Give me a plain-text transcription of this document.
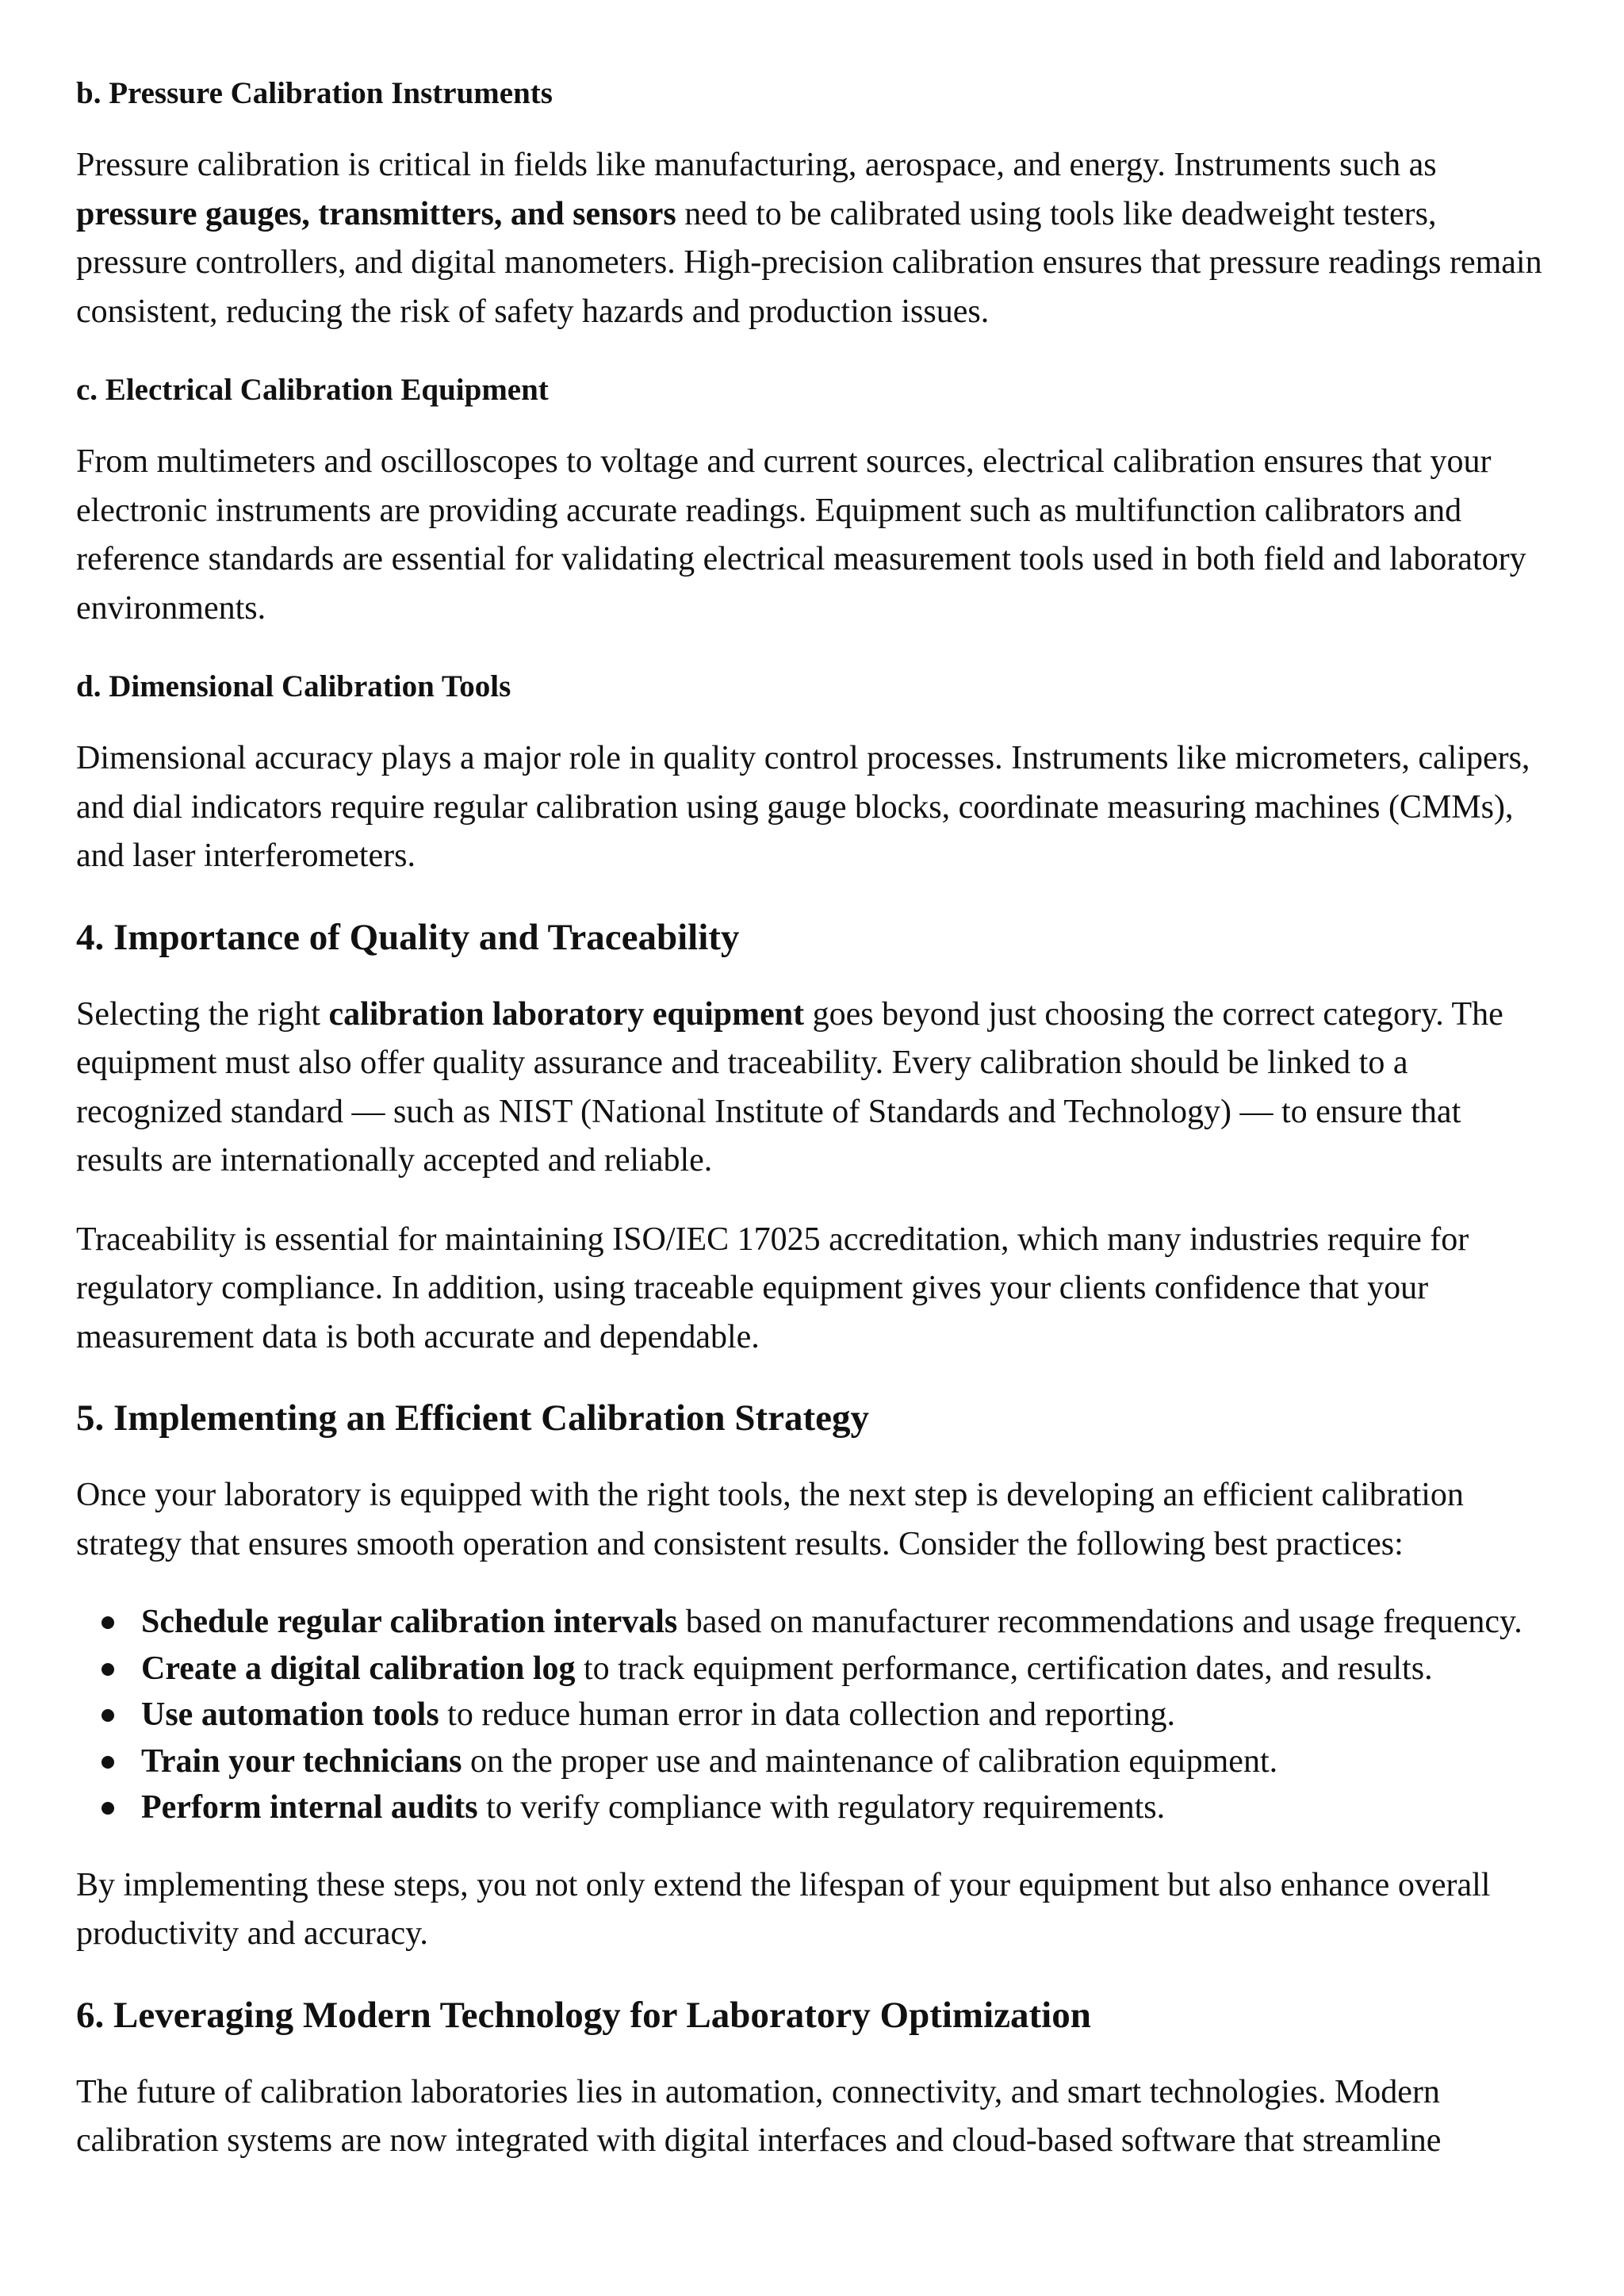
b. Pressure Calibration Instruments

Pressure calibration is critical in fields like manufacturing, aerospace, and energy. Instruments such as pressure gauges, transmitters, and sensors need to be calibrated using tools like deadweight testers, pressure controllers, and digital manometers. High-precision calibration ensures that pressure readings remain consistent, reducing the risk of safety hazards and production issues.

c. Electrical Calibration Equipment

From multimeters and oscilloscopes to voltage and current sources, electrical calibration ensures that your electronic instruments are providing accurate readings. Equipment such as multifunction calibrators and reference standards are essential for validating electrical measurement tools used in both field and laboratory environments.

d. Dimensional Calibration Tools

Dimensional accuracy plays a major role in quality control processes. Instruments like micrometers, calipers, and dial indicators require regular calibration using gauge blocks, coordinate measuring machines (CMMs), and laser interferometers.

4. Importance of Quality and Traceability

Selecting the right calibration laboratory equipment goes beyond just choosing the correct category. The equipment must also offer quality assurance and traceability. Every calibration should be linked to a recognized standard — such as NIST (National Institute of Standards and Technology) — to ensure that results are internationally accepted and reliable.

Traceability is essential for maintaining ISO/IEC 17025 accreditation, which many industries require for regulatory compliance. In addition, using traceable equipment gives your clients confidence that your measurement data is both accurate and dependable.

5. Implementing an Efficient Calibration Strategy

Once your laboratory is equipped with the right tools, the next step is developing an efficient calibration strategy that ensures smooth operation and consistent results. Consider the following best practices:

Schedule regular calibration intervals based on manufacturer recommendations and usage frequency.
Create a digital calibration log to track equipment performance, certification dates, and results.
Use automation tools to reduce human error in data collection and reporting.
Train your technicians on the proper use and maintenance of calibration equipment.
Perform internal audits to verify compliance with regulatory requirements.

By implementing these steps, you not only extend the lifespan of your equipment but also enhance overall productivity and accuracy.

6. Leveraging Modern Technology for Laboratory Optimization

The future of calibration laboratories lies in automation, connectivity, and smart technologies. Modern calibration systems are now integrated with digital interfaces and cloud-based software that streamline
